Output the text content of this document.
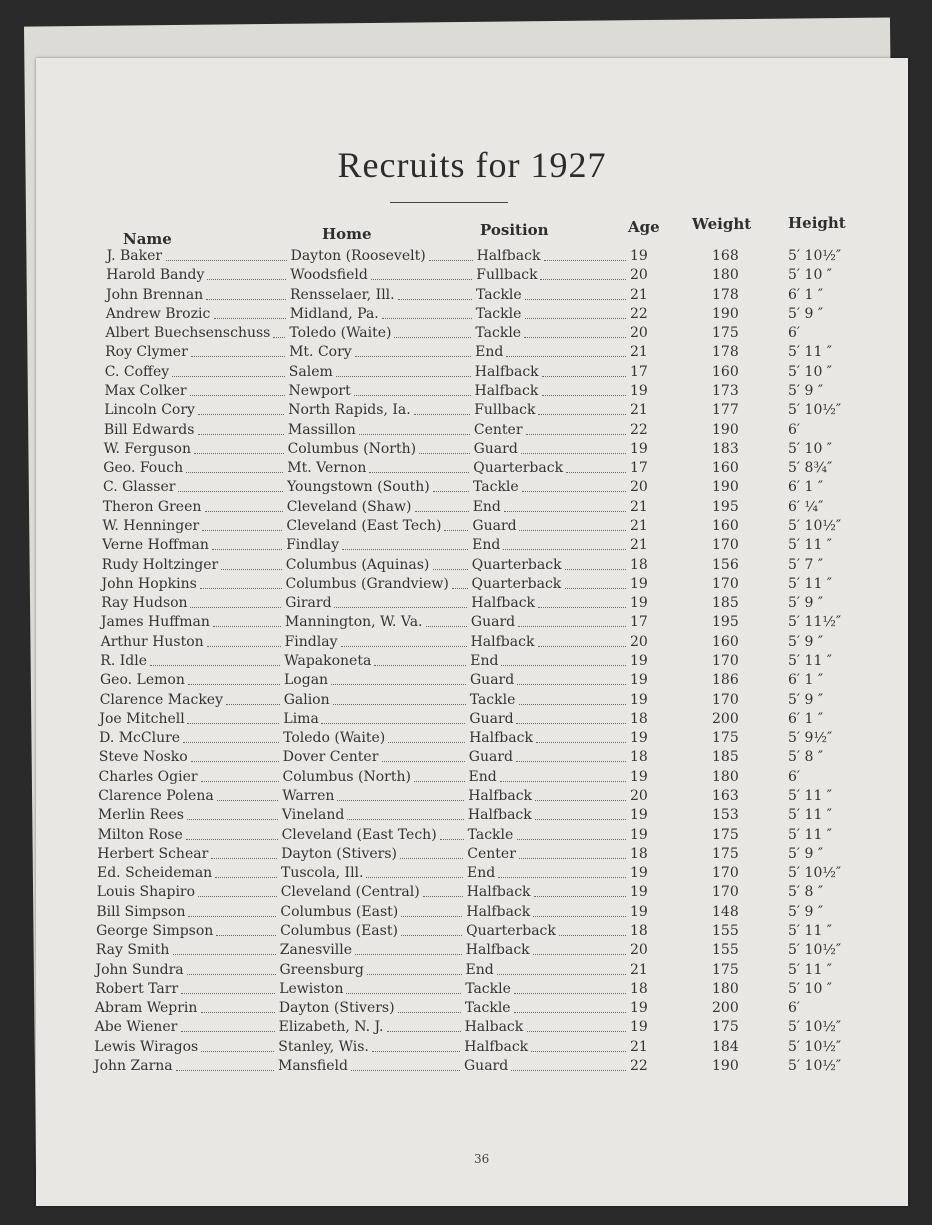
Recruits for 1927
Name	Home	Position	Age Weight Height
J. Baker	Dayton (Roosevelt)	Halfback	19	168	5′ 10½″
Harold Bandy	Woodsfield	Fullback	20	180	5′ 10 ″
John Brennan	Rensselaer, Ill.	Tackle	21	178	6′ 1 ″
Andrew Brozic	Midland, Pa.	Tackle	22	190	5′ 9 ″
Albert Buechsenschuss Toledo (Waite)	Tackle	20	175	6′
Roy Clymer	Mt. Cory	End	21	178	5′ 11 ″
C. Coffey	Salem	Halfback	17	160	5′ 10 ″
Max Colker	Newport	Halfback	19	173	5′ 9 ″
Lincoln Cory	North Rapids, Ia.	Fullback	21	177	5′ 10½″
Bill Edwards	Massillon	Center	22	190	6′
W. Ferguson	Columbus (North)	Guard	19	183	5′ 10 ″
Geo. Fouch	Mt. Vernon	Quarterback	17	160	5′ 8¾″
C. Glasser	Youngstown (South)	Tackle	20	190	6′ 1 ″
Theron Green	Cleveland (Shaw)	End	21	195	6′ ¼″
W. Henninger	Cleveland (East Tech) Guard	21	160	5′ 10½″
Verne Hoffman	Findlay	End	21	170	5′ 11 ″
Rudy Holtzinger	Columbus (Aquinas)	Quarterback	18	156	5′ 7 ″
John Hopkins	Columbus (Grandview) Quarterback	19	170	5′ 11 ″
Ray Hudson	Girard	Halfback	19	185	5′ 9 ″
James Huffman	Mannington, W. Va.	Guard	17	195	5′ 11½″
Arthur Huston	Findlay	Halfback	20	160	5′ 9 ″
R. Idle	Wapakoneta	End	19	170	5′ 11 ″
Geo. Lemon	Logan	Guard	19	186	6′ 1 ″
Clarence Mackey	Galion	Tackle	19	170	5′ 9 ″
Joe Mitchell	Lima	Guard	18	200	6′ 1 ″
D. McClure	Toledo (Waite)	Halfback	19	175	5′ 9½″
Steve Nosko	Dover Center	Guard	18	185	5′ 8 ″
Charles Ogier	Columbus (North)	End	19	180	6′
Clarence Polena	Warren	Halfback	20	163	5′ 11 ″
Merlin Rees	Vineland	Halfback	19	153	5′ 11 ″
Milton Rose	Cleveland (East Tech) Tackle	19	175	5′ 11 ″
Herbert Schear	Dayton (Stivers)	Center	18	175	5′ 9 ″
Ed. Scheideman	Tuscola, Ill.	End	19	170	5′ 10½″
Louis Shapiro	Cleveland (Central)	Halfback	19	170	5′ 8 ″
Bill Simpson	Columbus (East)	Halfback	19	148	5′ 9 ″
George Simpson	Columbus (East)	Quarterback	18	155	5′ 11 ″
Ray Smith	Zanesville	Halfback	20	155	5′ 10½″
John Sundra	Greensburg	End	21	175	5′ 11 ″
Robert Tarr	Lewiston	Tackle	18	180	5′ 10 ″
Abram Weprin	Dayton (Stivers)	Tackle	19	200	6′
Abe Wiener	Elizabeth, N. J.	Halback	19	175	5′ 10½″
Lewis Wiragos	Stanley, Wis.	Halfback	21	184	5′ 10½″
John Zarna	Mansfield	Guard	22	190	5′ 10½″
36
